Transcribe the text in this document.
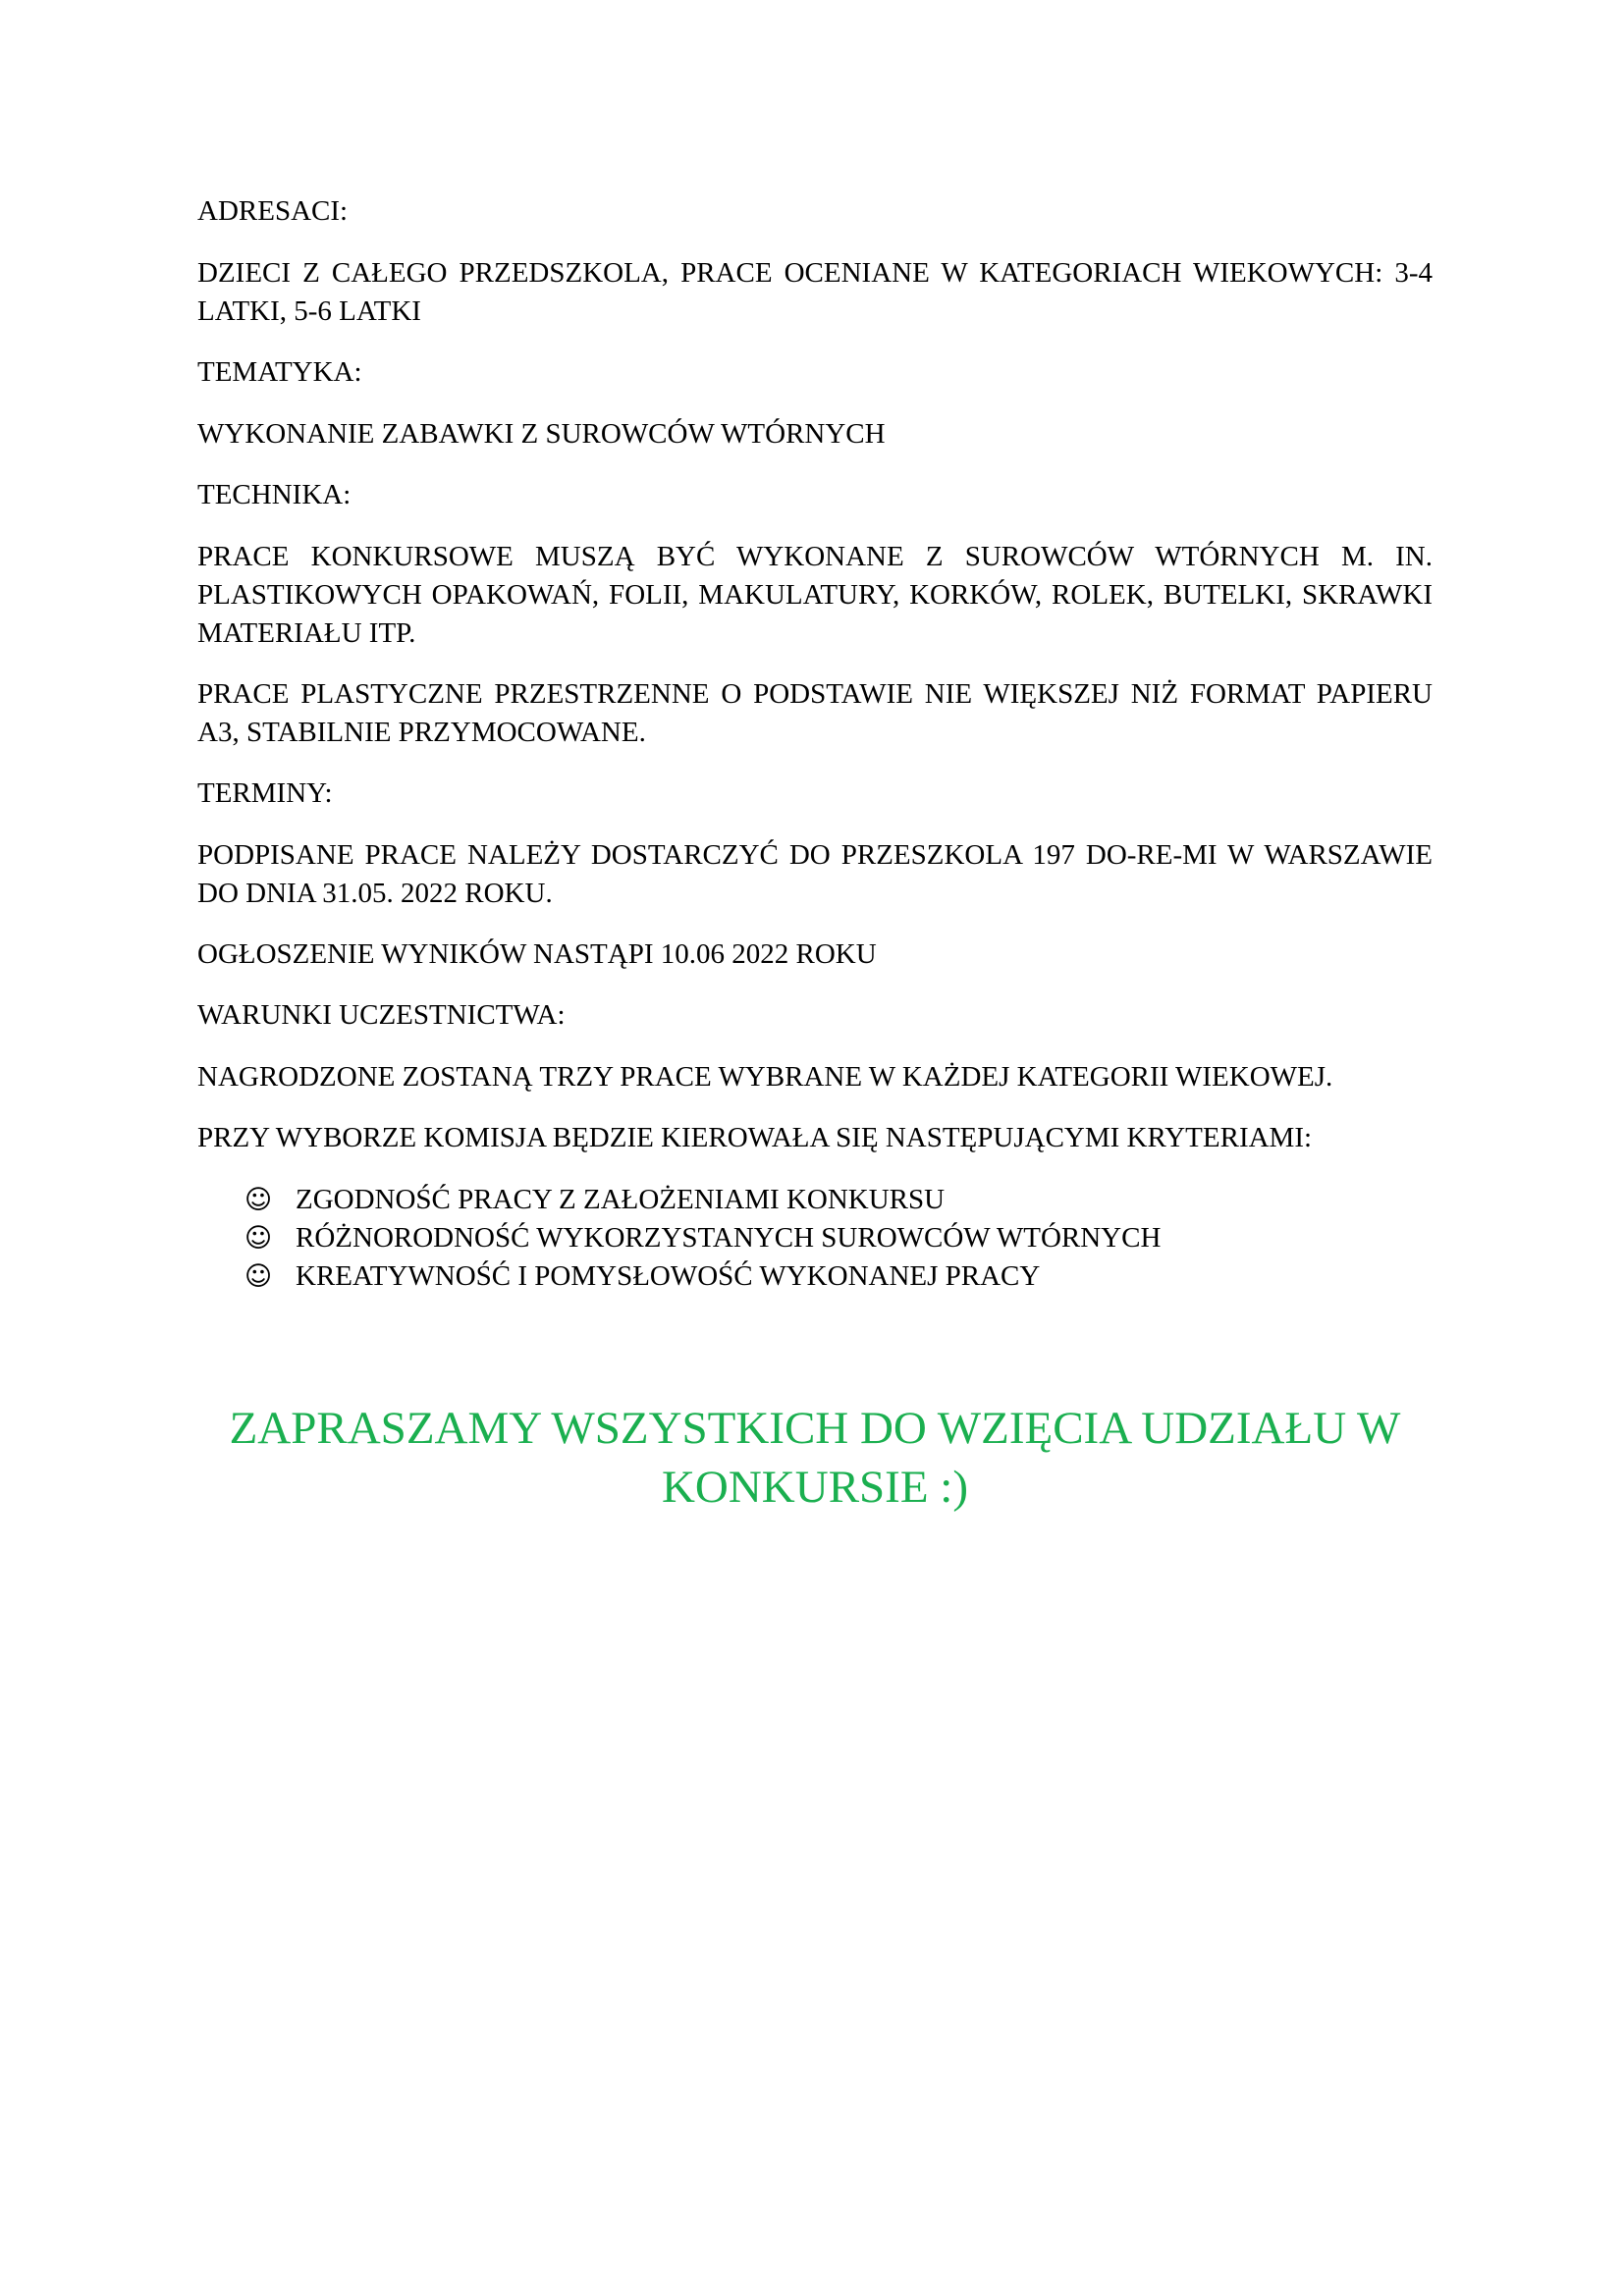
ADRESACI:

DZIECI Z CAŁEGO PRZEDSZKOLA, PRACE OCENIANE W KATEGORIACH WIEKOWYCH: 3-4 LATKI, 5-6 LATKI

TEMATYKA:

WYKONANIE ZABAWKI Z SUROWCÓW WTÓRNYCH

TECHNIKA:

PRACE KONKURSOWE MUSZĄ BYĆ WYKONANE Z SUROWCÓW WTÓRNYCH M. IN. PLASTIKOWYCH OPAKOWAŃ, FOLII, MAKULATURY, KORKÓW, ROLEK, BUTELKI, SKRAWKI MATERIAŁU ITP.

PRACE PLASTYCZNE PRZESTRZENNE O PODSTAWIE NIE WIĘKSZEJ NIŻ FORMAT PAPIERU A3, STABILNIE PRZYMOCOWANE.

TERMINY:

PODPISANE PRACE NALEŻY DOSTARCZYĆ DO PRZESZKOLA 197 DO-RE-MI W WARSZAWIE DO DNIA 31.05. 2022 ROKU.

OGŁOSZENIE WYNIKÓW NASTĄPI 10.06 2022 ROKU

WARUNKI UCZESTNICTWA:

NAGRODZONE ZOSTANĄ TRZY PRACE WYBRANE W KAŻDEJ KATEGORII WIEKOWEJ.

PRZY WYBORZE KOMISJA BĘDZIE KIEROWAŁA SIĘ NASTĘPUJĄCYMI KRYTERIAMI:

☺ ZGODNOŚĆ PRACY Z ZAŁOŻENIAMI KONKURSU
☺ RÓŻNORODNOŚĆ WYKORZYSTANYCH SUROWCÓW WTÓRNYCH
☺ KREATYWNOŚĆ I POMYSŁOWOŚĆ WYKONANEJ PRACY
ZAPRASZAMY WSZYSTKICH DO WZIĘCIA UDZIAŁU W KONKURSIE :)
